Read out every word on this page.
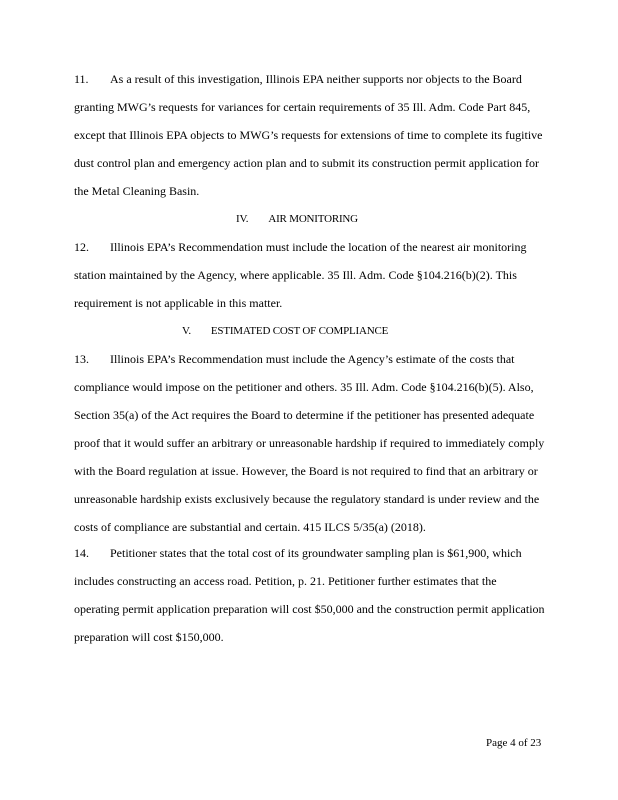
11. As a result of this investigation, Illinois EPA neither supports nor objects to the Board
granting MWG’s requests for variances for certain requirements of 35 Ill. Adm. Code Part 845,
except that Illinois EPA objects to MWG’s requests for extensions of time to complete its fugitive
dust control plan and emergency action plan and to submit its construction permit application for
the Metal Cleaning Basin.
IV. AIR MONITORING
12. Illinois EPA’s Recommendation must include the location of the nearest air monitoring
station maintained by the Agency, where applicable. 35 Ill. Adm. Code §104.216(b)(2). This
requirement is not applicable in this matter.
V. ESTIMATED COST OF COMPLIANCE
13. Illinois EPA’s Recommendation must include the Agency’s estimate of the costs that
compliance would impose on the petitioner and others. 35 Ill. Adm. Code §104.216(b)(5). Also,
Section 35(a) of the Act requires the Board to determine if the petitioner has presented adequate
proof that it would suffer an arbitrary or unreasonable hardship if required to immediately comply
with the Board regulation at issue. However, the Board is not required to find that an arbitrary or
unreasonable hardship exists exclusively because the regulatory standard is under review and the
costs of compliance are substantial and certain. 415 ILCS 5/35(a) (2018).
14. Petitioner states that the total cost of its groundwater sampling plan is $61,900, which
includes constructing an access road. Petition, p. 21. Petitioner further estimates that the
operating permit application preparation will cost $50,000 and the construction permit application
preparation will cost $150,000.
Page 4 of 23
